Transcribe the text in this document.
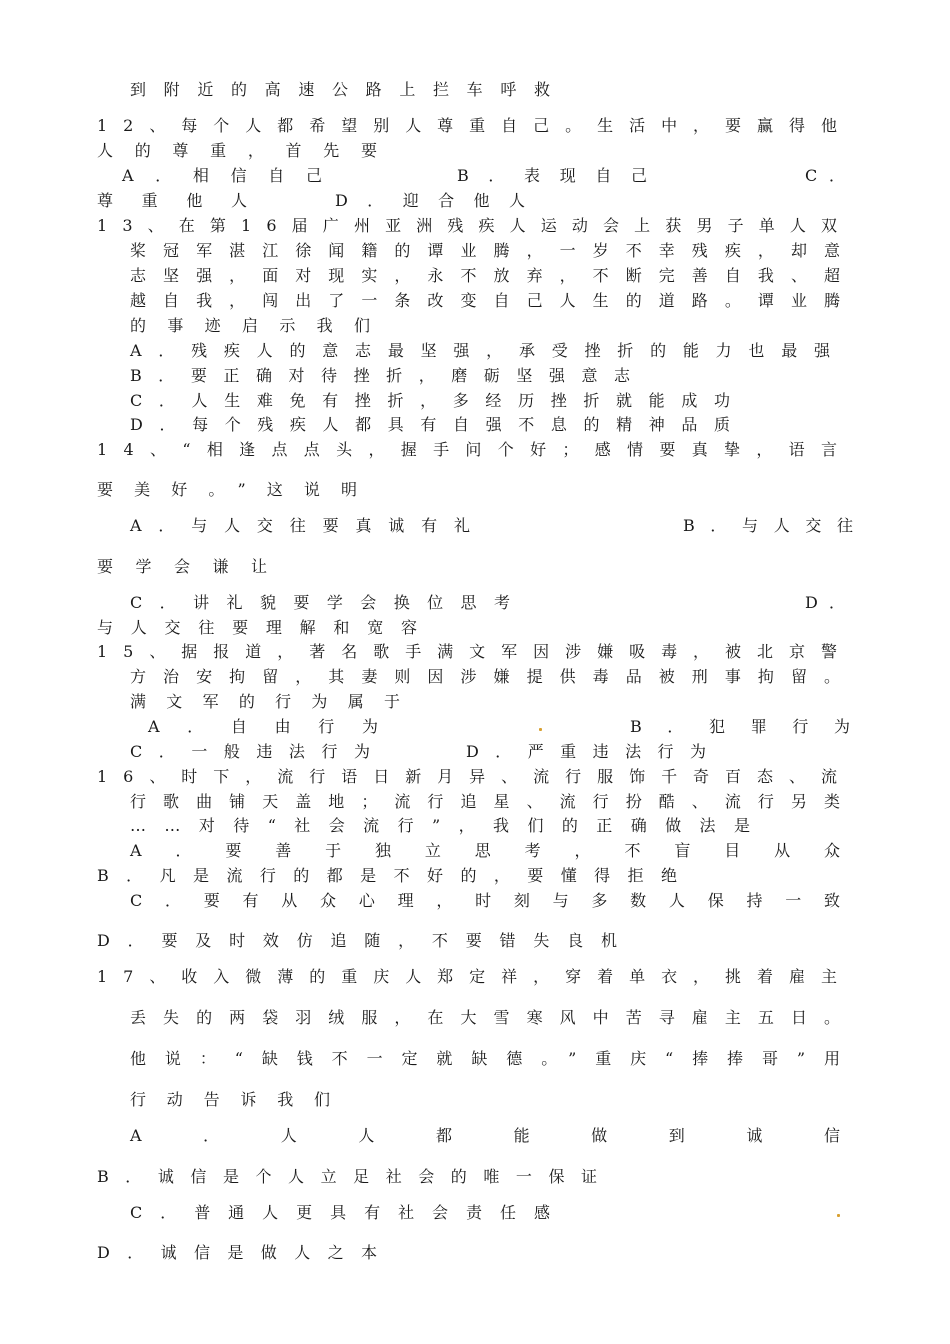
到附近的高速公路上拦车呼救
12、每个人都希望别人尊重自己。生活中，要赢得他
人的尊重，首先要
A．相信自己	B．表现自己	C．
尊重他人	D．迎合他人
13、在第16届广州亚洲残疾人运动会上获男子单人双
桨冠军湛江徐闻籍的谭业腾，一岁不幸残疾，却意
志坚强，面对现实，永不放弃，不断完善自我、超
越自我，闯出了一条改变自己人生的道路。谭业腾
的事迹启示我们
A．残疾人的意志最坚强，承受挫折的能力也最强
B．要正确对待挫折，磨砺坚强意志
C．人生难免有挫折，多经历挫折就能成功
D．每个残疾人都具有自强不息的精神品质
14、“相逢点点头，握手问个好；感情要真挚，语言
要美好。”这说明
A．与人交往要真诚有礼	B．与人交往
要学会谦让
C．讲礼貌要学会换位思考	D．
与人交往要理解和宽容
15、据报道，著名歌手满文军因涉嫌吸毒，被北京警
方治安拘留，其妻则因涉嫌提供毒品被刑事拘留。
满文军的行为属于
A．自由行为	B．犯罪行为
C．一般违法行为	D．严重违法行为
16、时下，流行语日新月异、流行服饰千奇百态、流
行歌曲铺天盖地；流行追星、流行扮酷、流行另类
……对待“社会流行”，我们的正确做法是
A．要善于独立思考，不盲目从众
B．凡是流行的都是不好的，要懂得拒绝
C．要有从众心理，时刻与多数人保持一致
D．要及时效仿追随，不要错失良机
17、收入微薄的重庆人郑定祥，穿着单衣，挑着雇主
丢失的两袋羽绒服，在大雪寒风中苦寻雇主五日。
他说：“缺钱不一定就缺德。”重庆“捧捧哥”用
行动告诉我们
A．人人都能做到诚信
B．诚信是个人立足社会的唯一保证
C．普通人更具有社会责任感
D．诚信是做人之本
